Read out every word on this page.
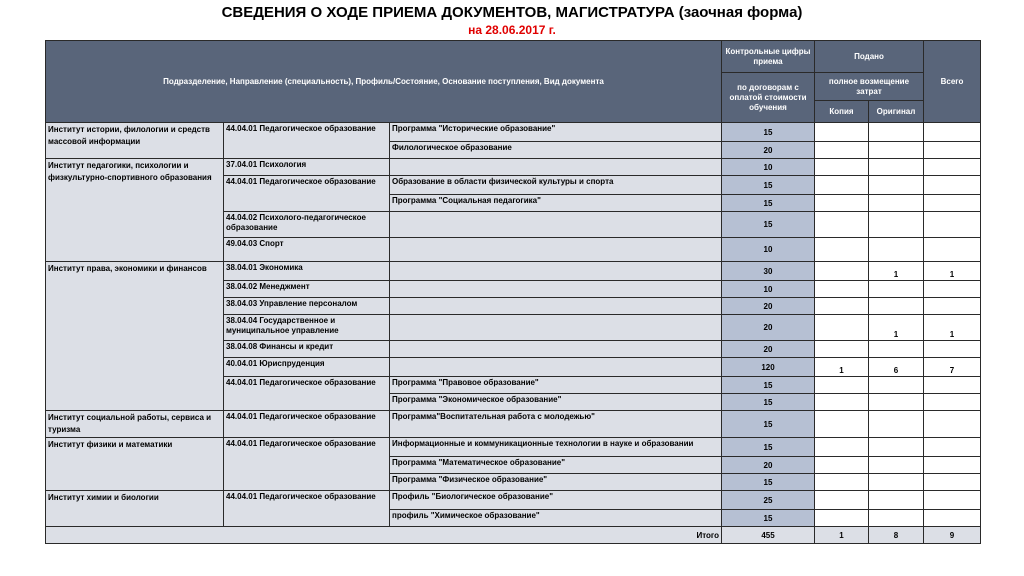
СВЕДЕНИЯ О ХОДЕ ПРИЕМА ДОКУМЕНТОВ, МАГИСТРАТУРА (заочная форма)
на 28.06.2017 г.
Подразделение, Направление (специальность), Профиль/Состояние, Основание поступления, Вид документа			Контрольные цифры приема	Подано		Всего
			по договорам с оплатой стоимости обучения	полное возмещение затрат		
				Копия	Оригинал	
Институт истории, филологии и средств массовой информации	44.04.01 Педагогическое образование	Программа "Исторические образование"	15			
		Филологическое образование	20			
Институт педагогики, психологии и физкультурно-спортивного образования	37.04.01 Психология		10			
	44.04.01 Педагогическое образование	Образование в области физической культуры и спорта	15			
		Программа "Социальная педагогика"	15			
	44.04.02 Психолого-педагогическое образование		15			
	49.04.03 Спорт		10			
Институт права, экономики и финансов	38.04.01 Экономика		30		1	1
	38.04.02 Менеджмент		10			
	38.04.03 Управление персоналом		20			
	38.04.04 Государственное и муниципальное управление		20		1	1
	38.04.08 Финансы и кредит		20			
	40.04.01 Юриспруденция		120	1	6	7
	44.04.01 Педагогическое образование	Программа "Правовое образование"	15			
		Программа "Экономическое образование"	15			
Институт социальной работы, сервиса и туризма	44.04.01 Педагогическое образование	Программа"Воспитательная работа с молодежью"	15			
Институт физики и математики	44.04.01 Педагогическое образование	Информационные и коммуникационные технологии в науке и образовании	15			
		Программа "Математическое образование"	20			
		Программа "Физическое образование"	15			
Институт химии и биологии	44.04.01 Педагогическое образование	Профиль "Биологическое образование"	25			
		профиль "Химическое образование"	15			
Итого			455	1	8	9
